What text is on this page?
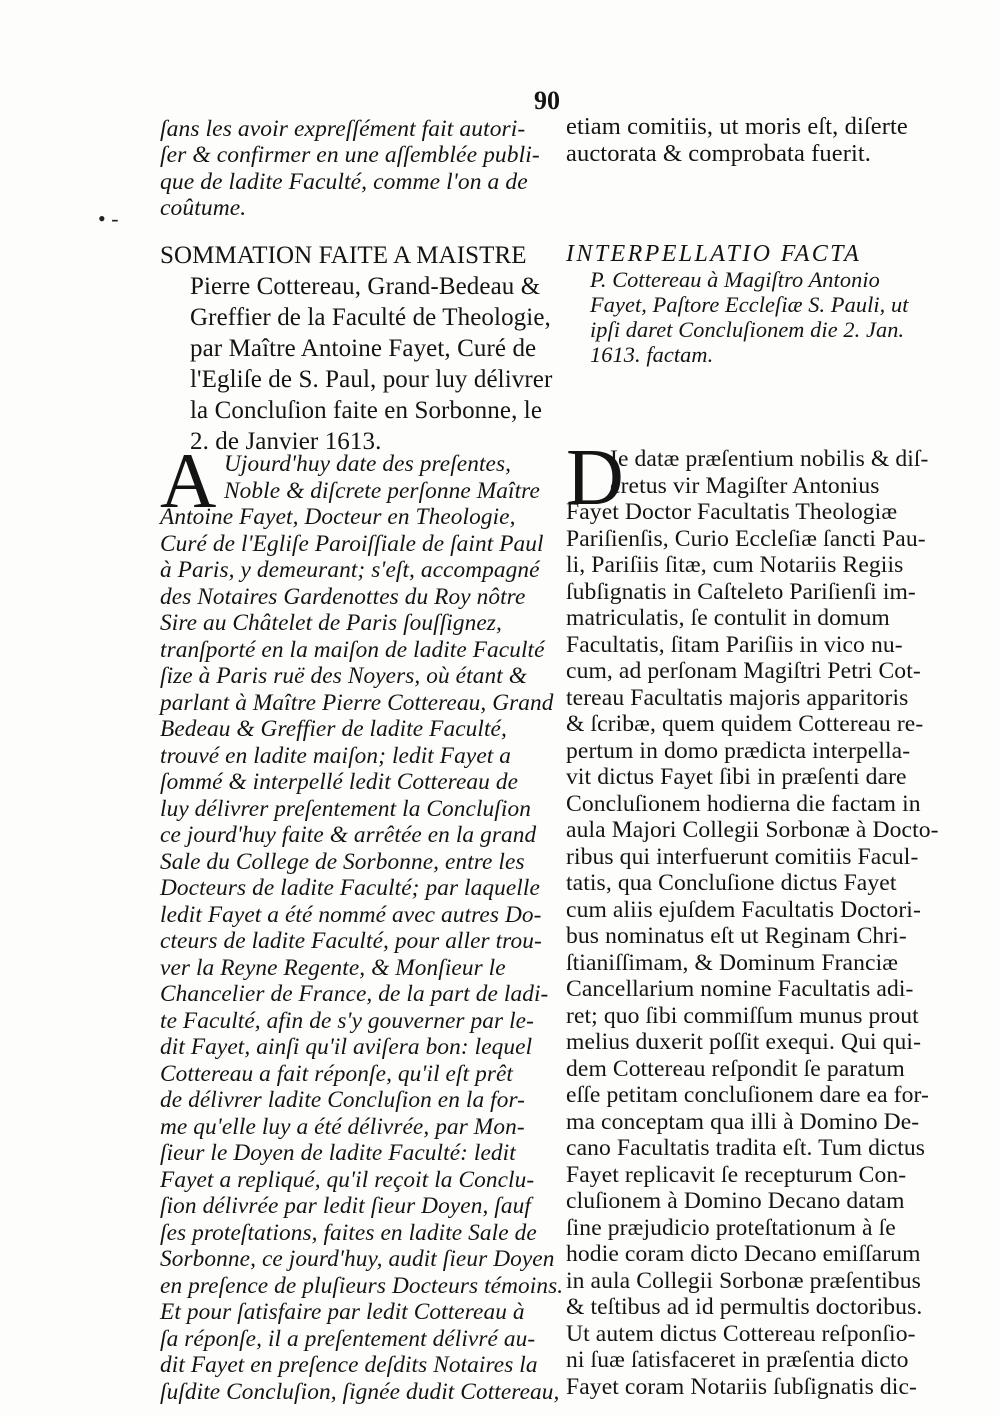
90
• -
ſans les avoir expreſſément fait autori-
ſer & confirmer en une aſſemblée publi-
que de ladite Faculté, comme l'on a de
coûtume.
SOMMATION FAITE A MAISTRE
Pierre Cottereau, Grand-Bedeau &
Greffier de la Faculté de Theologie,
par Maître Antoine Fayet, Curé de
l'Egliſe de S. Paul, pour luy délivrer
la Concluſion faite en Sorbonne, le
2. de Janvier 1613.
A Ujourd'huy date des preſentes,
Noble & diſcrete perſonne Maître
Antoine Fayet, Docteur en Theologie,
Curé de l'Egliſe Paroiſſiale de ſaint Paul
à Paris, y demeurant; s'eſt, accompagné
des Notaires Gardenottes du Roy nôtre
Sire au Châtelet de Paris ſouſſignez,
tranſporté en la maiſon de ladite Faculté
ſize à Paris ruë des Noyers, où étant &
parlant à Maître Pierre Cottereau, Grand
Bedeau & Greffier de ladite Faculté,
trouvé en ladite maiſon; ledit Fayet a
ſommé & interpellé ledit Cottereau de
luy délivrer preſentement la Concluſion
ce jourd'huy faite & arrêtée en la grand
Sale du College de Sorbonne, entre les
Docteurs de ladite Faculté; par laquelle
ledit Fayet a été nommé avec autres Do-
cteurs de ladite Faculté, pour aller trou-
ver la Reyne Regente, & Monſieur le
Chancelier de France, de la part de ladi-
te Faculté, afin de s'y gouverner par le-
dit Fayet, ainſi qu'il aviſera bon: lequel
Cottereau a fait réponſe, qu'il eſt prêt
de délivrer ladite Concluſion en la for-
me qu'elle luy a été délivrée, par Mon-
ſieur le Doyen de ladite Faculté: ledit
Fayet a repliqué, qu'il reçoit la Conclu-
ſion délivrée par ledit ſieur Doyen, ſauf
ſes proteſtations, faites en ladite Sale de
Sorbonne, ce jourd'huy, audit ſieur Doyen
en preſence de pluſieurs Docteurs témoins.
Et pour ſatisfaire par ledit Cottereau à
ſa réponſe, il a preſentement délivré au-
dit Fayet en preſence deſdits Notaires la
ſuſdite Concluſion, ſignée dudit Cottereau,
etiam comitiis, ut moris eſt, diſerte
auctorata & comprobata fuerit.
INTERPELLATIO FACTA
P. Cottereau à Magiſtro Antonio
Fayet, Paſtore Eccleſiæ S. Pauli, ut
ipſi daret Concluſionem die 2. Jan.
1613. factam.
D
Ie datæ præſentium nobilis & diſ-
cretus vir Magiſter Antonius
Fayet Doctor Facultatis Theologiæ
Pariſienſis, Curio Eccleſiæ ſancti Pau-
li, Pariſiis ſitæ, cum Notariis Regiis
ſubſignatis in Caſteleto Pariſienſi im-
matriculatis, ſe contulit in domum
Facultatis, ſitam Pariſiis in vico nu-
cum, ad perſonam Magiſtri Petri Cot-
tereau Facultatis majoris apparitoris
& ſcribæ, quem quidem Cottereau re-
pertum in domo prædicta interpella-
vit dictus Fayet ſibi in præſenti dare
Concluſionem hodierna die factam in
aula Majori Collegii Sorbonæ à Docto-
ribus qui interfuerunt comitiis Facul-
tatis, qua Concluſione dictus Fayet
cum aliis ejuſdem Facultatis Doctori-
bus nominatus eſt ut Reginam Chri-
ſtianiſſimam, & Dominum Franciæ
Cancellarium nomine Facultatis adi-
ret; quo ſibi commiſſum munus prout
melius duxerit poſſit exequi. Qui qui-
dem Cottereau reſpondit ſe paratum
eſſe petitam concluſionem dare ea for-
ma conceptam qua illi à Domino De-
cano Facultatis tradita eſt. Tum dictus
Fayet replicavit ſe recepturum Con-
cluſionem à Domino Decano datam
ſine præjudicio proteſtationum à ſe
hodie coram dicto Decano emiſſarum
in aula Collegii Sorbonæ præſentibus
& teſtibus ad id permultis doctoribus.
Ut autem dictus Cottereau reſponſio-
ni ſuæ ſatisfaceret in præſentia dicto
Fayet coram Notariis ſubſignatis dic-
